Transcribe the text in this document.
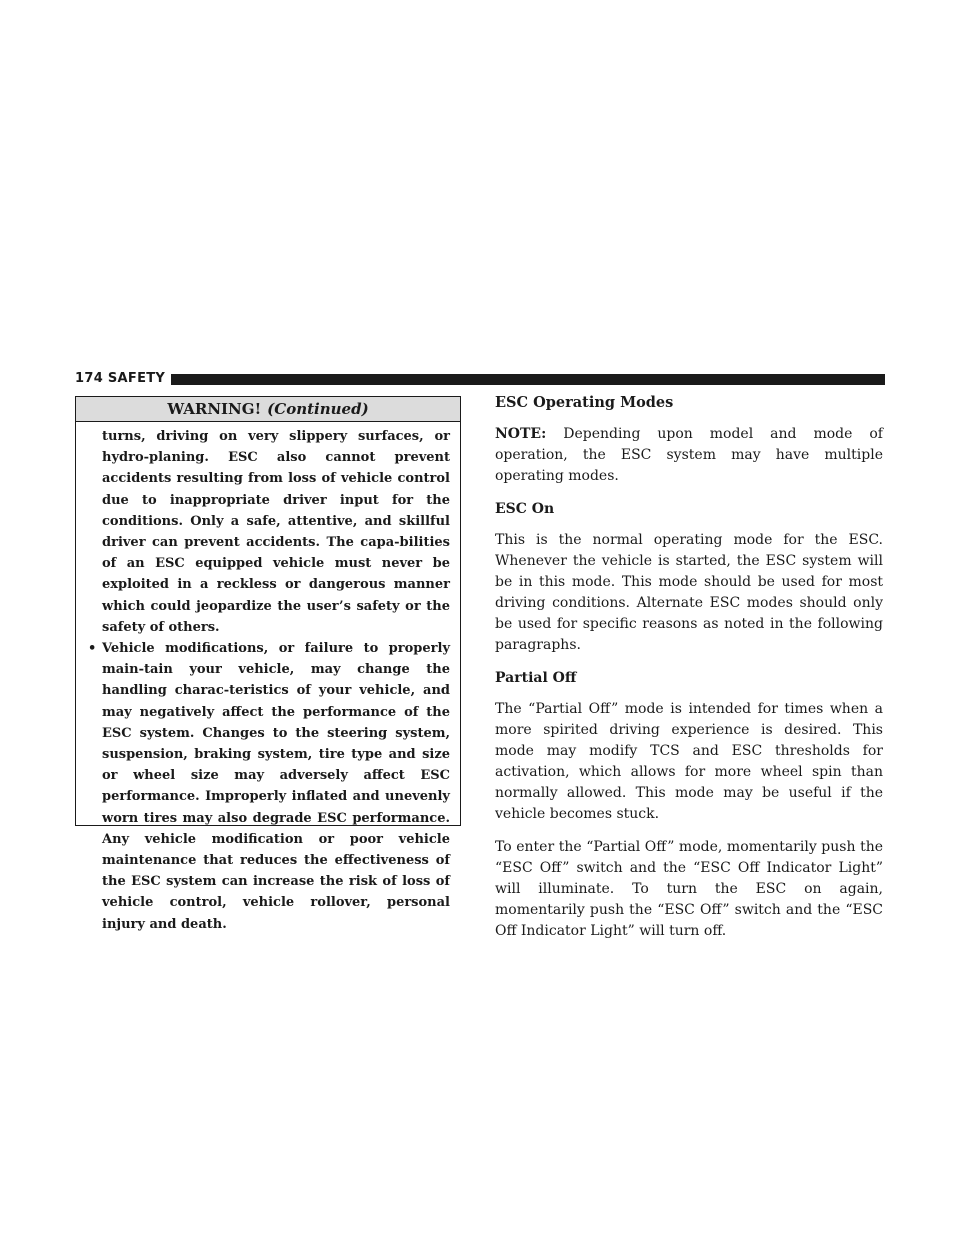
174 SAFETY
WARNING! (Continued)

turns, driving on very slippery surfaces, or hydro-planing. ESC also cannot prevent accidents resulting from loss of vehicle control due to inappropriate driver input for the conditions. Only a safe, attentive, and skillful driver can prevent accidents. The capa-bilities of an ESC equipped vehicle must never be exploited in a reckless or dangerous manner which could jeopardize the user’s safety or the safety of others.

• Vehicle modifications, or failure to properly main-tain your vehicle, may change the handling charac-teristics of your vehicle, and may negatively affect the performance of the ESC system. Changes to the steering system, suspension, braking system, tire type and size or wheel size may adversely affect ESC performance. Improperly inflated and unevenly worn tires may also degrade ESC performance. Any vehicle modification or poor vehicle maintenance that reduces the effectiveness of the ESC system can increase the risk of loss of vehicle control, vehicle rollover, personal injury and death.
ESC Operating Modes

NOTE: Depending upon model and mode of operation, the ESC system may have multiple operating modes.

ESC On

This is the normal operating mode for the ESC. Whenever the vehicle is started, the ESC system will be in this mode. This mode should be used for most driving conditions. Alternate ESC modes should only be used for specific reasons as noted in the following paragraphs.

Partial Off

The “Partial Off” mode is intended for times when a more spirited driving experience is desired. This mode may modify TCS and ESC thresholds for activation, which allows for more wheel spin than normally allowed. This mode may be useful if the vehicle becomes stuck.

To enter the “Partial Off” mode, momentarily push the “ESC Off” switch and the “ESC Off Indicator Light” will illuminate. To turn the ESC on again, momentarily push the “ESC Off” switch and the “ESC Off Indicator Light” will turn off.
